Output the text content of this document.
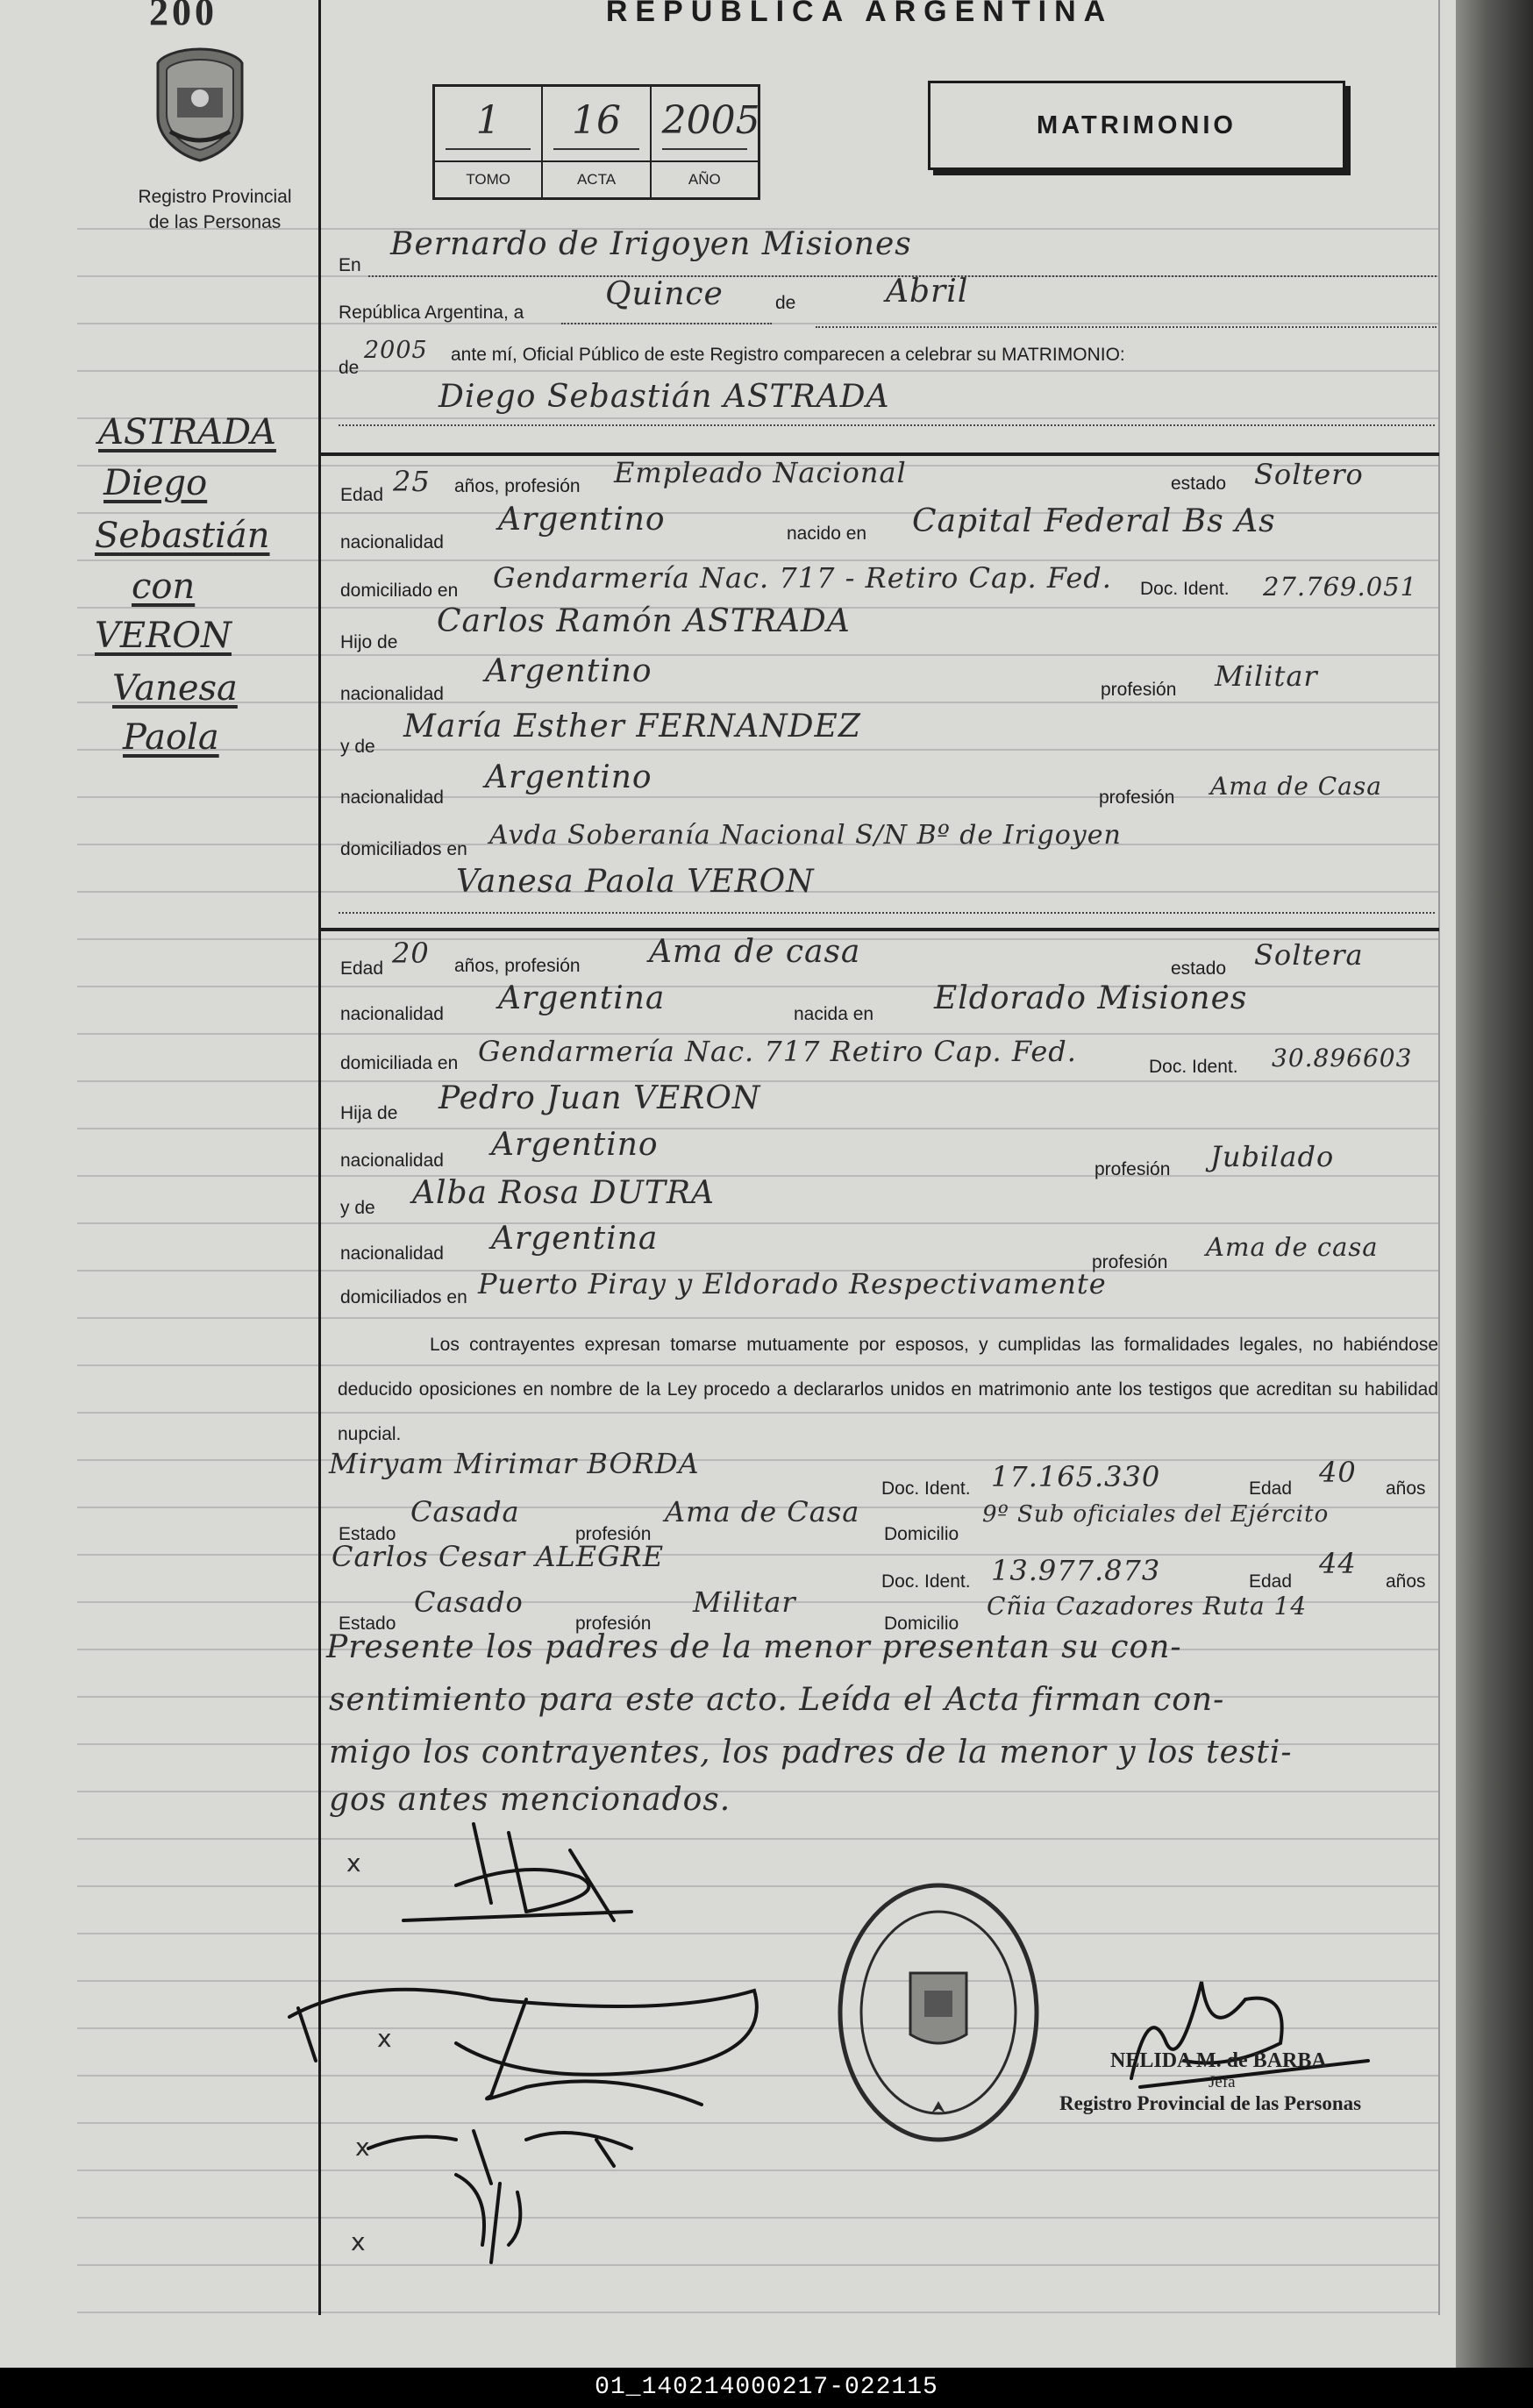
200	REPUBLICA ARGENTINA
Registro Provincial
de las Personas
1
TOMO
16
ACTA
2005
AÑO
MATRIMONIO
ASTRADA
Diego
Sebastián
con
VERON
Vanesa
Paola
En
Bernardo de Irigoyen Misiones
República Argentina, a
Quince	de	Abril
de
2005 ante mí, Oficial Público de este Registro comparecen a celebrar su MATRIMONIO:
Diego Sebastián ASTRADA
Edad 25 años, profesión Empleado Nacional	estado Soltero
nacionalidad
Argentino	nacido en Capital Federal Bs As
domiciliado en Gendarmería Nac. 717 - Retiro Cap. Fed. Doc. Ident. 27.769.051
Hijo de
Carlos Ramón ASTRADA
nacionalidad
Argentino
profesión Militar
y de
María Esther FERNANDEZ
nacionalidad
Argentino
profesión Ama de Casa
domiciliados en Avda Soberanía Nacional S/N Bº de Irigoyen
Vanesa Paola VERON
Edad 20 años, profesión Ama de casa	estado Soltera
nacionalidad Argentina	nacida en Eldorado Misiones
domiciliada en Gendarmería Nac. 717 Retiro Cap. Fed.	Doc. Ident. 30.896603
Hija de Pedro Juan VERON
nacionalidad Argentino
profesión Jubilado
y de Alba Rosa DUTRA
nacionalidad Argentina
profesión
Ama de casa
domiciliados en Puerto Piray y Eldorado Respectivamente
Los contrayentes expresan tomarse mutuamente por esposos, y cumplidas las formalidades legales, no habiéndose deducido oposiciones en nombre de la Ley procedo a declararlos unidos en matrimonio ante los testigos que acreditan su habilidad nupcial.
Miryam Mirimar BORDA
Doc. Ident. 17.165.330	Edad 40 años
Estado
Casada
profesión
Ama de Casa
Domicilio
9º Sub oficiales del Ejército
Carlos Cesar ALEGRE
Doc. Ident. 13.977.873	Edad
44
años
Estado
Casado
profesión
Militar
Domicilio
Cñia Cazadores Ruta 14
Presente los padres de la menor presentan su con-
sentimiento para este acto. Leída el Acta firman con-
migo los contrayentes, los padres de la menor y los testi-
gos antes mencionados.
x
x
x
x
NELIDA M. de BARBA
Jefa
Registro Provincial de las Personas
01_140214000217-022115
